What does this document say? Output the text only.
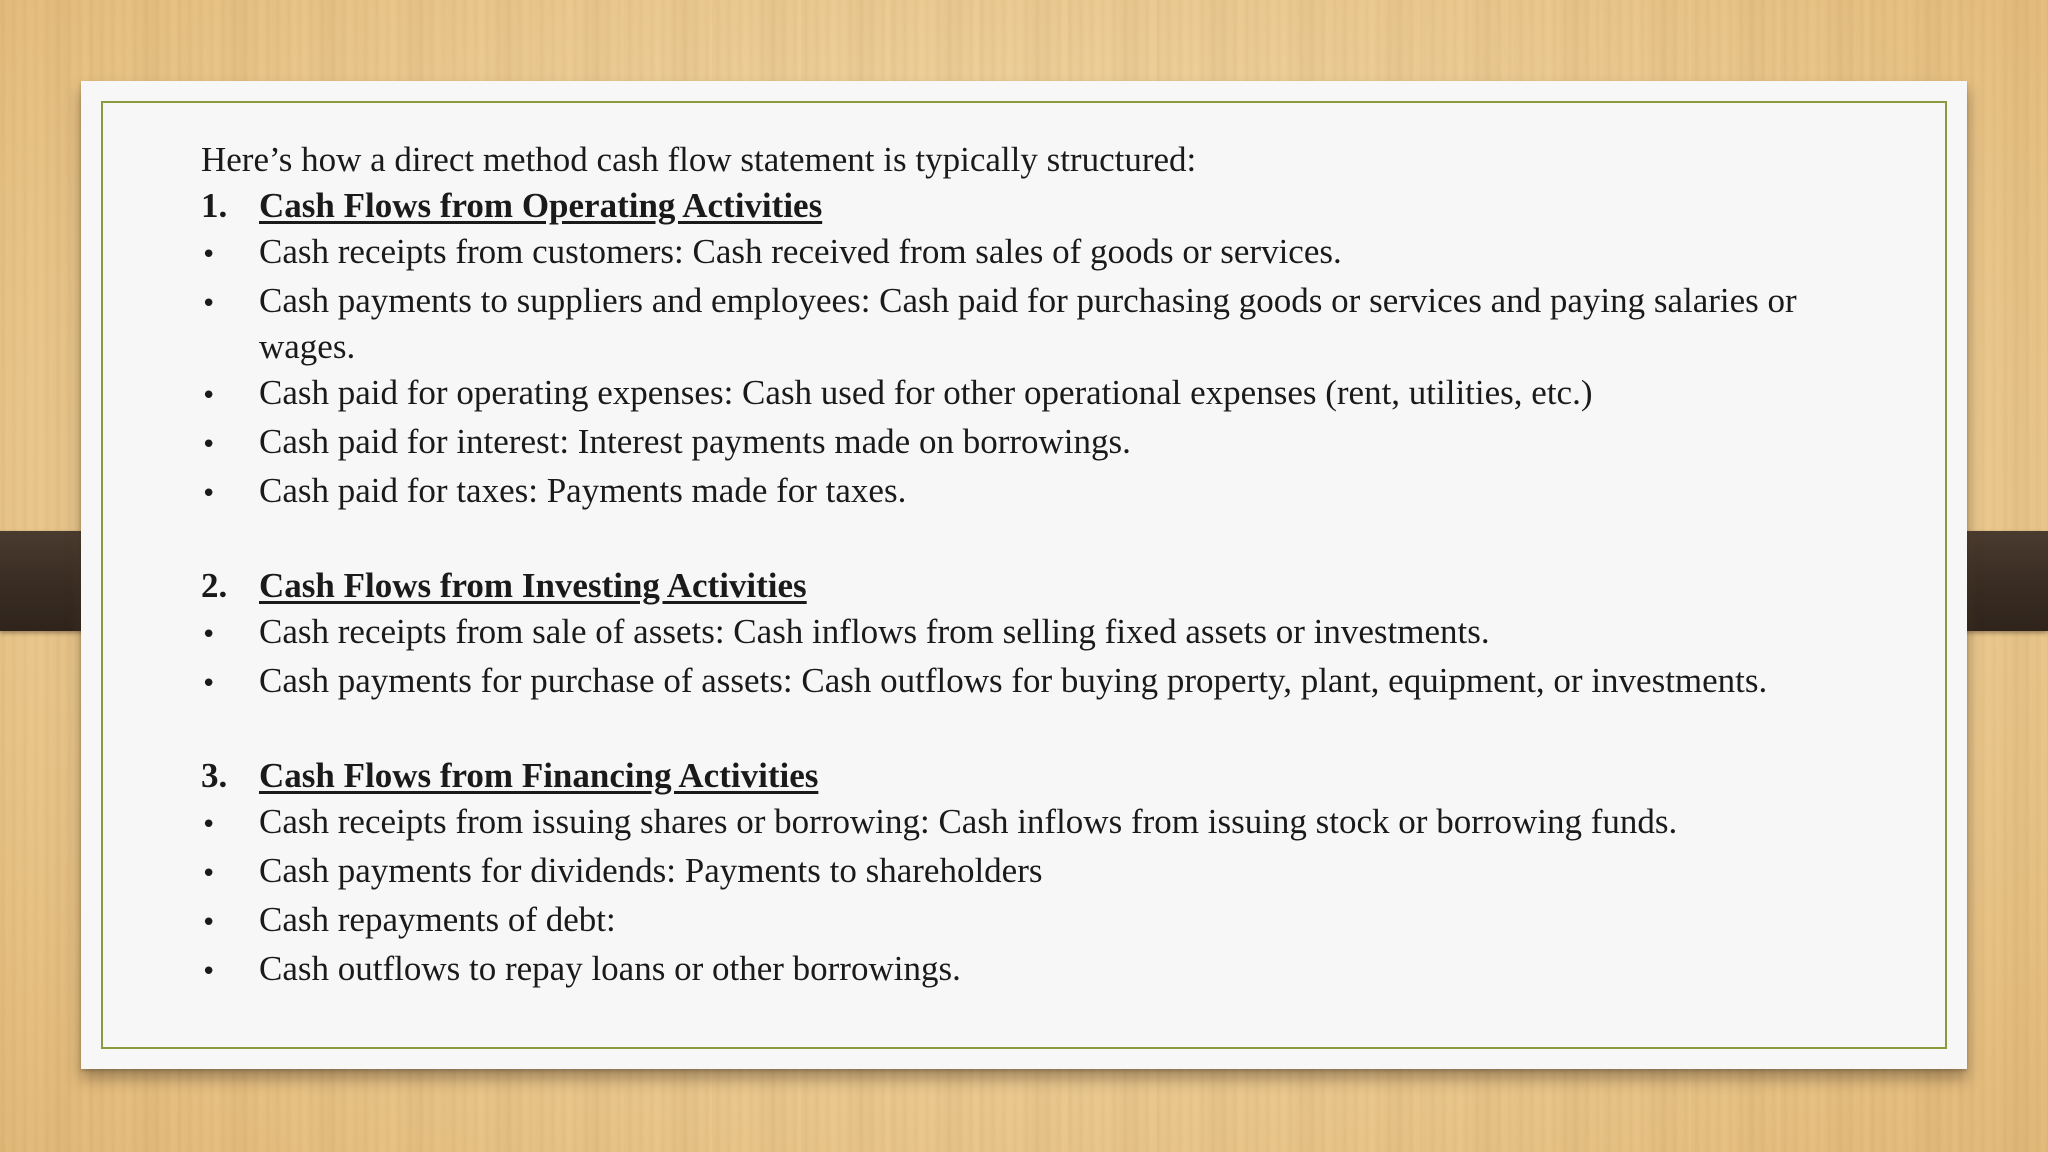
Here’s how a direct method cash flow statement is typically structured:
1. Cash Flows from Operating Activities
•	Cash receipts from customers: Cash received from sales of goods or services.
•	Cash payments to suppliers and employees: Cash paid for purchasing goods or services and paying salaries or wages.
•	Cash paid for operating expenses: Cash used for other operational expenses (rent, utilities, etc.)
•	Cash paid for interest: Interest payments made on borrowings.
•	Cash paid for taxes: Payments made for taxes.
2. Cash Flows from Investing Activities
•	Cash receipts from sale of assets: Cash inflows from selling fixed assets or investments.
•	Cash payments for purchase of assets: Cash outflows for buying property, plant, equipment, or investments.
3. Cash Flows from Financing Activities
•	Cash receipts from issuing shares or borrowing: Cash inflows from issuing stock or borrowing funds.
•	Cash payments for dividends: Payments to shareholders
•	Cash repayments of debt:
•	Cash outflows to repay loans or other borrowings.
